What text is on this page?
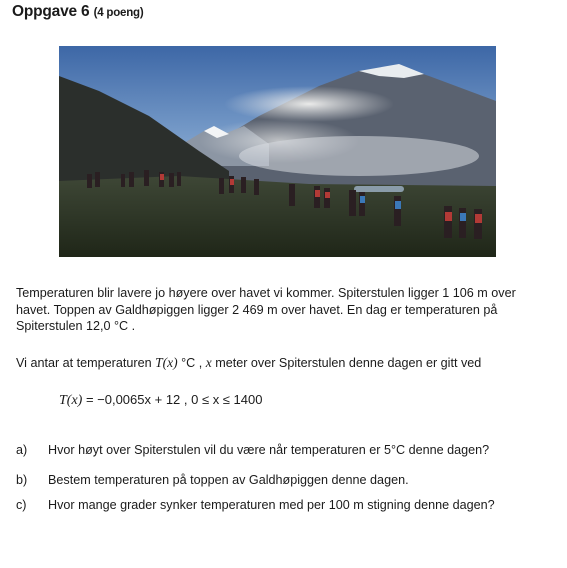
Oppgave 6 (4 poeng)
Temperaturen blir lavere jo høyere over havet vi kommer. Spiterstulen ligger 1 106 m over
havet. Toppen av Galdhøpiggen ligger 2 469 m over havet. En dag er temperaturen på
Spiterstulen 12,0 °C .
Vi antar at temperaturen T(x) °C , x meter over Spiterstulen denne dagen er gitt ved
T(x) = −0,0065x + 12 , 0 ≤ x ≤ 1400
a) Hvor høyt over Spiterstulen vil du være når temperaturen er 5°C denne dagen?
b) Bestem temperaturen på toppen av Galdhøpiggen denne dagen.
c) Hvor mange grader synker temperaturen med per 100 m stigning denne dagen?
